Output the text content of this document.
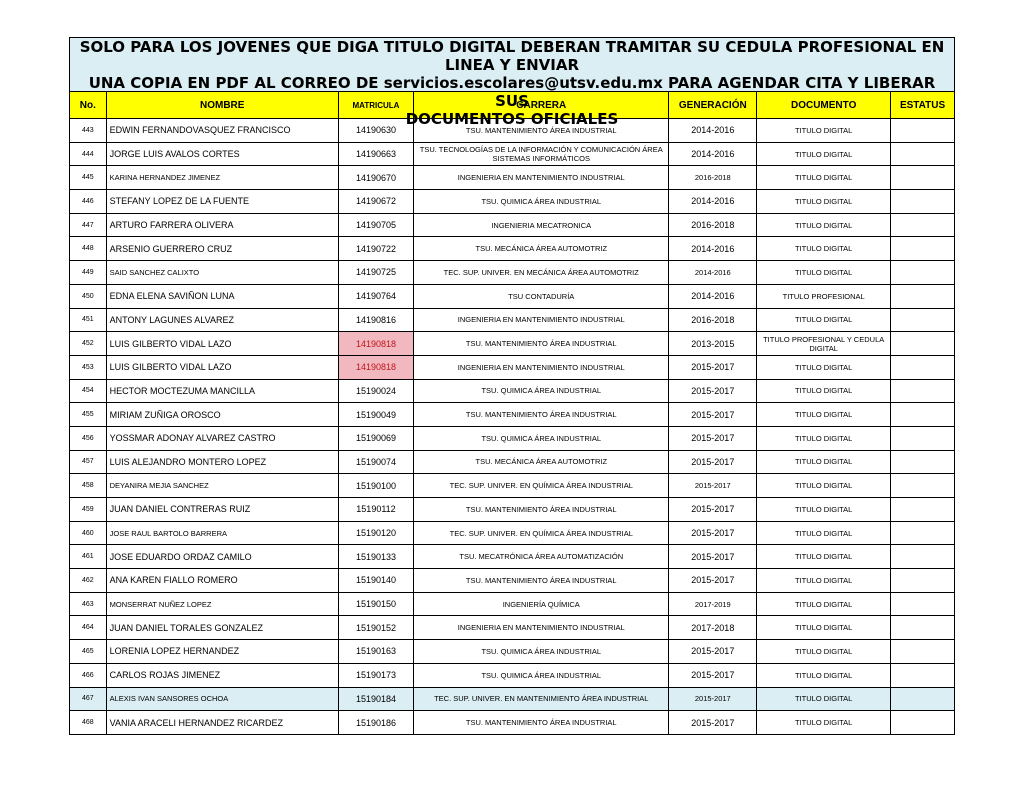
SOLO PARA LOS JOVENES QUE DIGA TITULO DIGITAL DEBERAN TRAMITAR SU CEDULA PROFESIONAL EN LINEA Y ENVIAR
UNA COPIA EN PDF AL CORREO DE servicios.escolares@utsv.edu.mx PARA AGENDAR CITA Y LIBERAR SUS
DOCUMENTOS OFICIALES
No.	NOMBRE	MATRICULA	CARRERA	GENERACIÓN	DOCUMENTO	ESTATUS
443	EDWIN FERNANDOVASQUEZ FRANCISCO	14190630	TSU. MANTENIMIENTO ÁREA INDUSTRIAL	2014-2016	TITULO DIGITAL	
444	JORGE LUIS AVALOS CORTES	14190663	TSU. TECNOLOGÍAS DE LA INFORMACIÓN Y COMUNICACIÓN ÁREA SISTEMAS INFORMÁTICOS	2014-2016	TITULO DIGITAL	
445	KARINA HERNANDEZ JIMENEZ	14190670	INGENIERIA EN MANTENIMIENTO INDUSTRIAL	2016-2018	TITULO DIGITAL	
446	STEFANY LOPEZ DE LA FUENTE	14190672	TSU. QUIMICA ÁREA INDUSTRIAL	2014-2016	TITULO DIGITAL	
447	ARTURO FARRERA OLIVERA	14190705	INGENIERIA MECATRONICA	2016-2018	TITULO DIGITAL	
448	ARSENIO GUERRERO CRUZ	14190722	TSU. MECÁNICA ÁREA AUTOMOTRIZ	2014-2016	TITULO DIGITAL	
449	SAID SANCHEZ CALIXTO	14190725	TEC. SUP. UNIVER. EN MECÁNICA ÁREA AUTOMOTRIZ	2014-2016	TITULO DIGITAL	
450	EDNA ELENA SAVIÑON LUNA	14190764	TSU CONTADURÍA	2014-2016	TITULO PROFESIONAL	
451	ANTONY LAGUNES ALVAREZ	14190816	INGENIERIA EN MANTENIMIENTO INDUSTRIAL	2016-2018	TITULO DIGITAL	
452	LUIS GILBERTO VIDAL LAZO	14190818	TSU. MANTENIMIENTO ÁREA INDUSTRIAL	2013-2015	TITULO PROFESIONAL Y CEDULA DIGITAL	
453	LUIS GILBERTO VIDAL LAZO	14190818	INGENIERIA EN MANTENIMIENTO INDUSTRIAL	2015-2017	TITULO DIGITAL	
454	HECTOR MOCTEZUMA MANCILLA	15190024	TSU. QUIMICA ÁREA INDUSTRIAL	2015-2017	TITULO DIGITAL	
455	MIRIAM ZUÑIGA OROSCO	15190049	TSU. MANTENIMIENTO ÁREA INDUSTRIAL	2015-2017	TITULO DIGITAL	
456	YOSSMAR ADONAY ALVAREZ CASTRO	15190069	TSU. QUIMICA ÁREA INDUSTRIAL	2015-2017	TITULO DIGITAL	
457	LUIS ALEJANDRO MONTERO LOPEZ	15190074	TSU. MECÁNICA ÁREA AUTOMOTRIZ	2015-2017	TITULO DIGITAL	
458	DEYANIRA MEJIA SANCHEZ	15190100	TEC. SUP. UNIVER. EN QUÍMICA ÁREA INDUSTRIAL	2015-2017	TITULO DIGITAL	
459	JUAN DANIEL CONTRERAS RUIZ	15190112	TSU. MANTENIMIENTO ÁREA INDUSTRIAL	2015-2017	TITULO DIGITAL	
460	JOSE RAUL BARTOLO BARRERA	15190120	TEC. SUP. UNIVER. EN QUÍMICA ÁREA INDUSTRIAL	2015-2017	TITULO DIGITAL	
461	JOSE EDUARDO ORDAZ CAMILO	15190133	TSU. MECATRÓNICA ÁREA AUTOMATIZACIÓN	2015-2017	TITULO DIGITAL	
462	ANA KAREN FIALLO ROMERO	15190140	TSU. MANTENIMIENTO ÁREA INDUSTRIAL	2015-2017	TITULO DIGITAL	
463	MONSERRAT NUÑEZ LOPEZ	15190150	INGENIERÍA QUÍMICA	2017-2019	TITULO DIGITAL	
464	JUAN DANIEL TORALES GONZALEZ	15190152	INGENIERIA EN MANTENIMIENTO INDUSTRIAL	2017-2018	TITULO DIGITAL	
465	LORENIA LOPEZ HERNANDEZ	15190163	TSU. QUIMICA ÁREA INDUSTRIAL	2015-2017	TITULO DIGITAL	
466	CARLOS ROJAS JIMENEZ	15190173	TSU. QUIMICA ÁREA INDUSTRIAL	2015-2017	TITULO DIGITAL	
467	ALEXIS IVAN SANSORES OCHOA	15190184	TEC. SUP. UNIVER. EN MANTENIMIENTO ÁREA INDUSTRIAL	2015-2017	TITULO DIGITAL	
468	VANIA ARACELI HERNANDEZ RICARDEZ	15190186	TSU. MANTENIMIENTO ÁREA INDUSTRIAL	2015-2017	TITULO DIGITAL	
